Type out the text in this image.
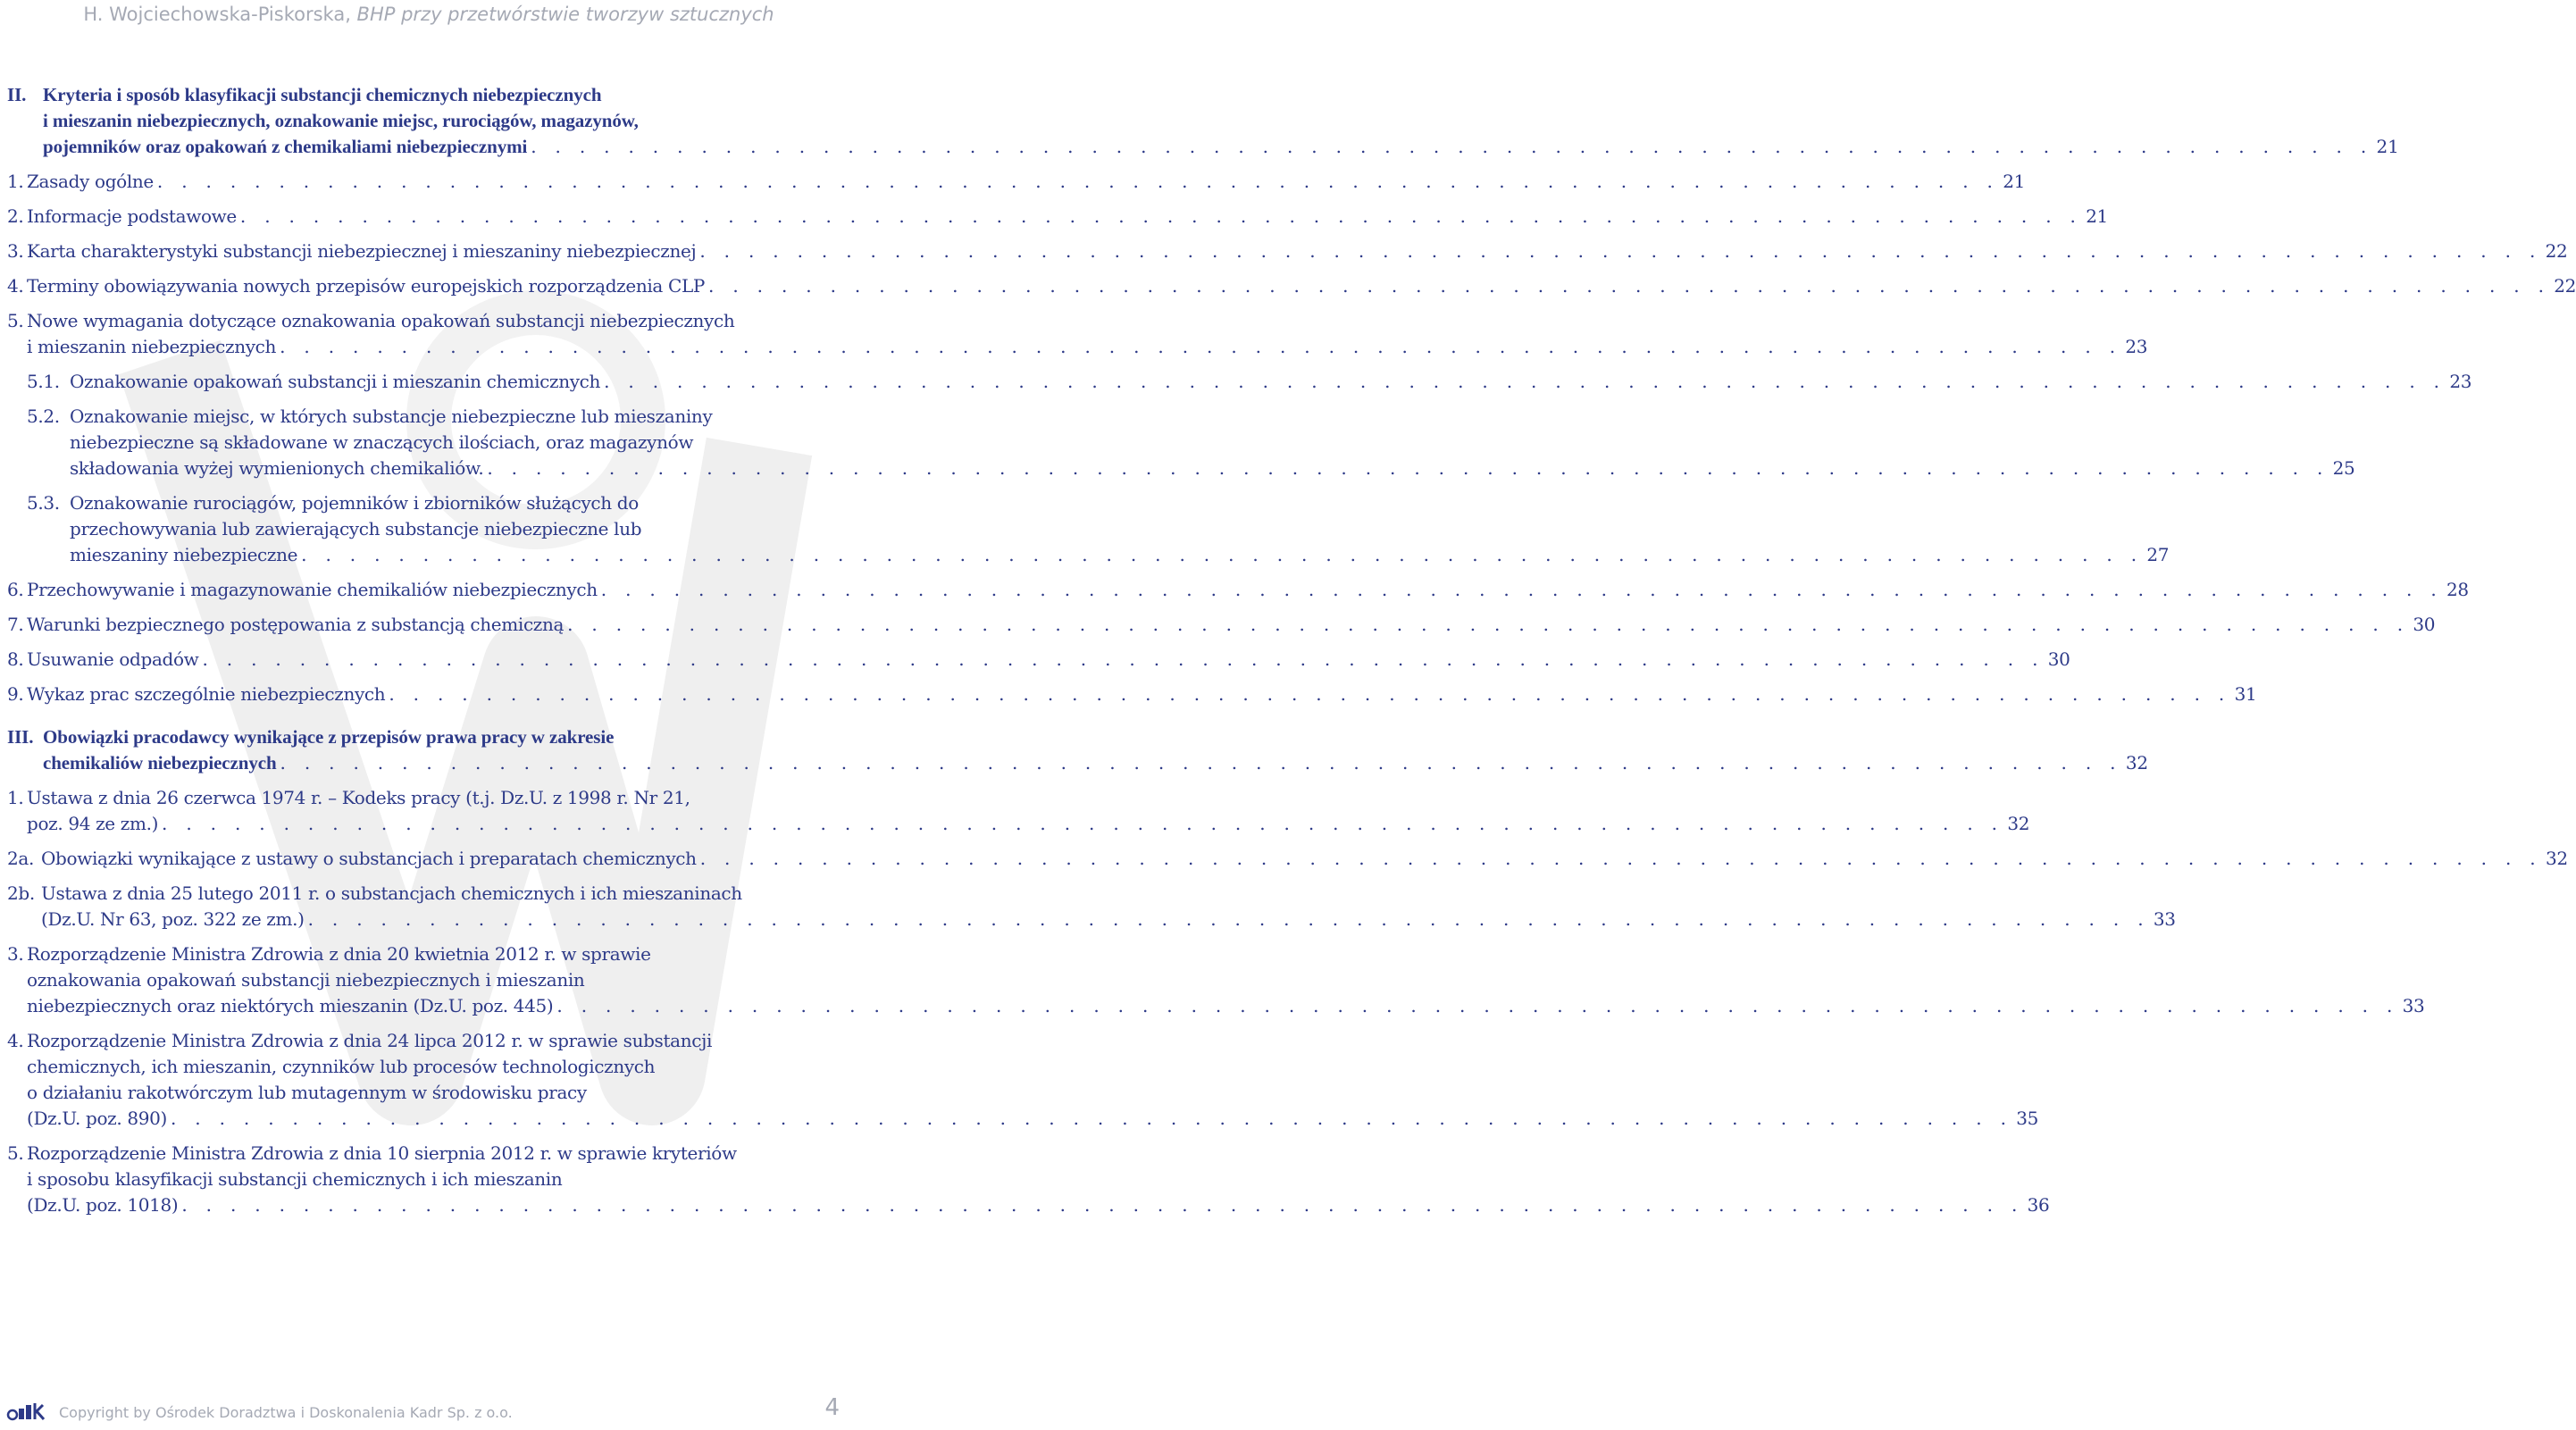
H. Wojciechowska-Piskorska, BHP przy przetwórstwie tworzyw sztucznych
II. Kryteria i sposób klasyfikacji substancji chemicznych niebezpiecznych
i mieszanin niebezpiecznych, oznakowanie miejsc, rurociągów, magazynów,
pojemników oraz opakowań z chemikaliami niebezpiecznymi . . . . . . . . . . . . . . . . . . . . . . . . . . . . . . . . . . . . . . . . . . . . . . . . . . . . . . . . . . . . . . . . . . . . . . . . . . . . 21
1. Zasady ogólne . . . . . . . . . . . . . . . . . . . . . . . . . . . . . . . . . . . . . . . . . . . . . . . . . . . . . . . . . . . . . . . . . . . . . . . . . . . . 21
2. Informacje podstawowe . . . . . . . . . . . . . . . . . . . . . . . . . . . . . . . . . . . . . . . . . . . . . . . . . . . . . . . . . . . . . . . . . . . . . . . . . . . . 21
3. Karta charakterystyki substancji niebezpiecznej i mieszaniny niebezpiecznej . . . . . . . . . . . . . . . . . . . . . . . . . . . . . . . . . . . . . . . . . . . . . . . . . . . . . . . . . . . . . . . . . . . . . . . . . . . . 22
4. Terminy obowiązywania nowych przepisów europejskich rozporządzenia CLP . . . . . . . . . . . . . . . . . . . . . . . . . . . . . . . . . . . . . . . . . . . . . . . . . . . . . . . . . . . . . . . . . . . . . . . . . . . . 22
5. Nowe wymagania dotyczące oznakowania opakowań substancji niebezpiecznych
i mieszanin niebezpiecznych . . . . . . . . . . . . . . . . . . . . . . . . . . . . . . . . . . . . . . . . . . . . . . . . . . . . . . . . . . . . . . . . . . . . . . . . . . . . 23
5.1. Oznakowanie opakowań substancji i mieszanin chemicznych . . . . . . . . . . . . . . . . . . . . . . . . . . . . . . . . . . . . . . . . . . . . . . . . . . . . . . . . . . . . . . . . . . . . . . . . . . . . 23
5.2. Oznakowanie miejsc, w których substancje niebezpieczne lub mieszaniny
niebezpieczne są składowane w znaczących ilościach, oraz magazynów
składowania wyżej wymienionych chemikaliów. . . . . . . . . . . . . . . . . . . . . . . . . . . . . . . . . . . . . . . . . . . . . . . . . . . . . . . . . . . . . . . . . . . . . . . . . . . . . 25
5.3. Oznakowanie rurociągów, pojemników i zbiorników służących do
przechowywania lub zawierających substancje niebezpieczne lub
mieszaniny niebezpieczne . . . . . . . . . . . . . . . . . . . . . . . . . . . . . . . . . . . . . . . . . . . . . . . . . . . . . . . . . . . . . . . . . . . . . . . . . . . . 27
6. Przechowywanie i magazynowanie chemikaliów niebezpiecznych . . . . . . . . . . . . . . . . . . . . . . . . . . . . . . . . . . . . . . . . . . . . . . . . . . . . . . . . . . . . . . . . . . . . . . . . . . . . 28
7. Warunki bezpiecznego postępowania z substancją chemiczną . . . . . . . . . . . . . . . . . . . . . . . . . . . . . . . . . . . . . . . . . . . . . . . . . . . . . . . . . . . . . . . . . . . . . . . . . . . . 30
8. Usuwanie odpadów . . . . . . . . . . . . . . . . . . . . . . . . . . . . . . . . . . . . . . . . . . . . . . . . . . . . . . . . . . . . . . . . . . . . . . . . . . . . 30
9. Wykaz prac szczególnie niebezpiecznych . . . . . . . . . . . . . . . . . . . . . . . . . . . . . . . . . . . . . . . . . . . . . . . . . . . . . . . . . . . . . . . . . . . . . . . . . . . . 31
III. Obowiązki pracodawcy wynikające z przepisów prawa pracy w zakresie
chemikaliów niebezpiecznych . . . . . . . . . . . . . . . . . . . . . . . . . . . . . . . . . . . . . . . . . . . . . . . . . . . . . . . . . . . . . . . . . . . . . . . . . . . . 32
1. Ustawa z dnia 26 czerwca 1974 r. – Kodeks pracy (t.j. Dz.U. z 1998 r. Nr 21,
poz. 94 ze zm.) . . . . . . . . . . . . . . . . . . . . . . . . . . . . . . . . . . . . . . . . . . . . . . . . . . . . . . . . . . . . . . . . . . . . . . . . . . . . 32
2a. Obowiązki wynikające z ustawy o substancjach i preparatach chemicznych . . . . . . . . . . . . . . . . . . . . . . . . . . . . . . . . . . . . . . . . . . . . . . . . . . . . . . . . . . . . . . . . . . . . . . . . . . . . 32
2b. Ustawa z dnia 25 lutego 2011 r. o substancjach chemicznych i ich mieszaninach
(Dz.U. Nr 63, poz. 322 ze zm.) . . . . . . . . . . . . . . . . . . . . . . . . . . . . . . . . . . . . . . . . . . . . . . . . . . . . . . . . . . . . . . . . . . . . . . . . . . . . 33
3. Rozporządzenie Ministra Zdrowia z dnia 20 kwietnia 2012 r. w sprawie
oznakowania opakowań substancji niebezpiecznych i mieszanin
niebezpiecznych oraz niektórych mieszanin (Dz.U. poz. 445) . . . . . . . . . . . . . . . . . . . . . . . . . . . . . . . . . . . . . . . . . . . . . . . . . . . . . . . . . . . . . . . . . . . . . . . . . . . . 33
4. Rozporządzenie Ministra Zdrowia z dnia 24 lipca 2012 r. w sprawie substancji
chemicznych, ich mieszanin, czynników lub procesów technologicznych
o działaniu rakotwórczym lub mutagennym w środowisku pracy
(Dz.U. poz. 890) . . . . . . . . . . . . . . . . . . . . . . . . . . . . . . . . . . . . . . . . . . . . . . . . . . . . . . . . . . . . . . . . . . . . . . . . . . . . 35
5. Rozporządzenie Ministra Zdrowia z dnia 10 sierpnia 2012 r. w sprawie kryteriów
i sposobu klasyfikacji substancji chemicznych i ich mieszanin
(Dz.U. poz. 1018) . . . . . . . . . . . . . . . . . . . . . . . . . . . . . . . . . . . . . . . . . . . . . . . . . . . . . . . . . . . . . . . . . . . . . . . . . . . . 36
Copyright by Ośrodek Doradztwa i Doskonalenia Kadr Sp. z o.o.	4
